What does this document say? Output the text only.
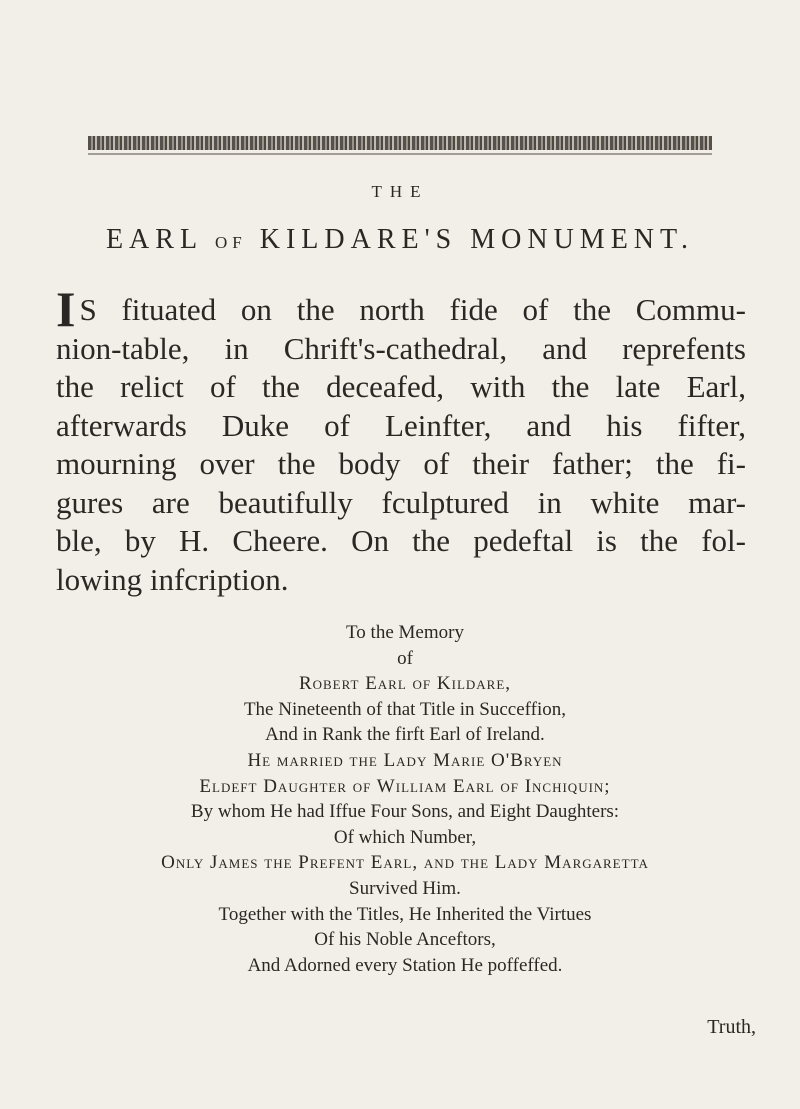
THE
EARL OF KILDARE'S MONUMENT.
I S fituated on the north fide of the Commu-
nion-table, in Chrift's-cathedral, and reprefents
the relict of the deceafed, with the late Earl,
afterwards Duke of Leinfter, and his fifter,
mourning over the body of their father; the fi-
gures are beautifully fculptured in white mar-
ble, by H. Cheere. On the pedeftal is the fol-
lowing infcription.
To the Memory
of
Robert Earl of Kildare,
The Nineteenth of that Title in Succeffion,
And in Rank the firft Earl of Ireland.
He married the Lady Marie O'Bryen
Eldeft Daughter of William Earl of Inchiquin;
By whom He had Iffue Four Sons, and Eight Daughters:
Of which Number,
Only James the Prefent Earl, and the Lady Margaretta
Survived Him.
Together with the Titles, He Inherited the Virtues
Of his Noble Anceftors,
And Adorned every Station He poffeffed.
Truth,
